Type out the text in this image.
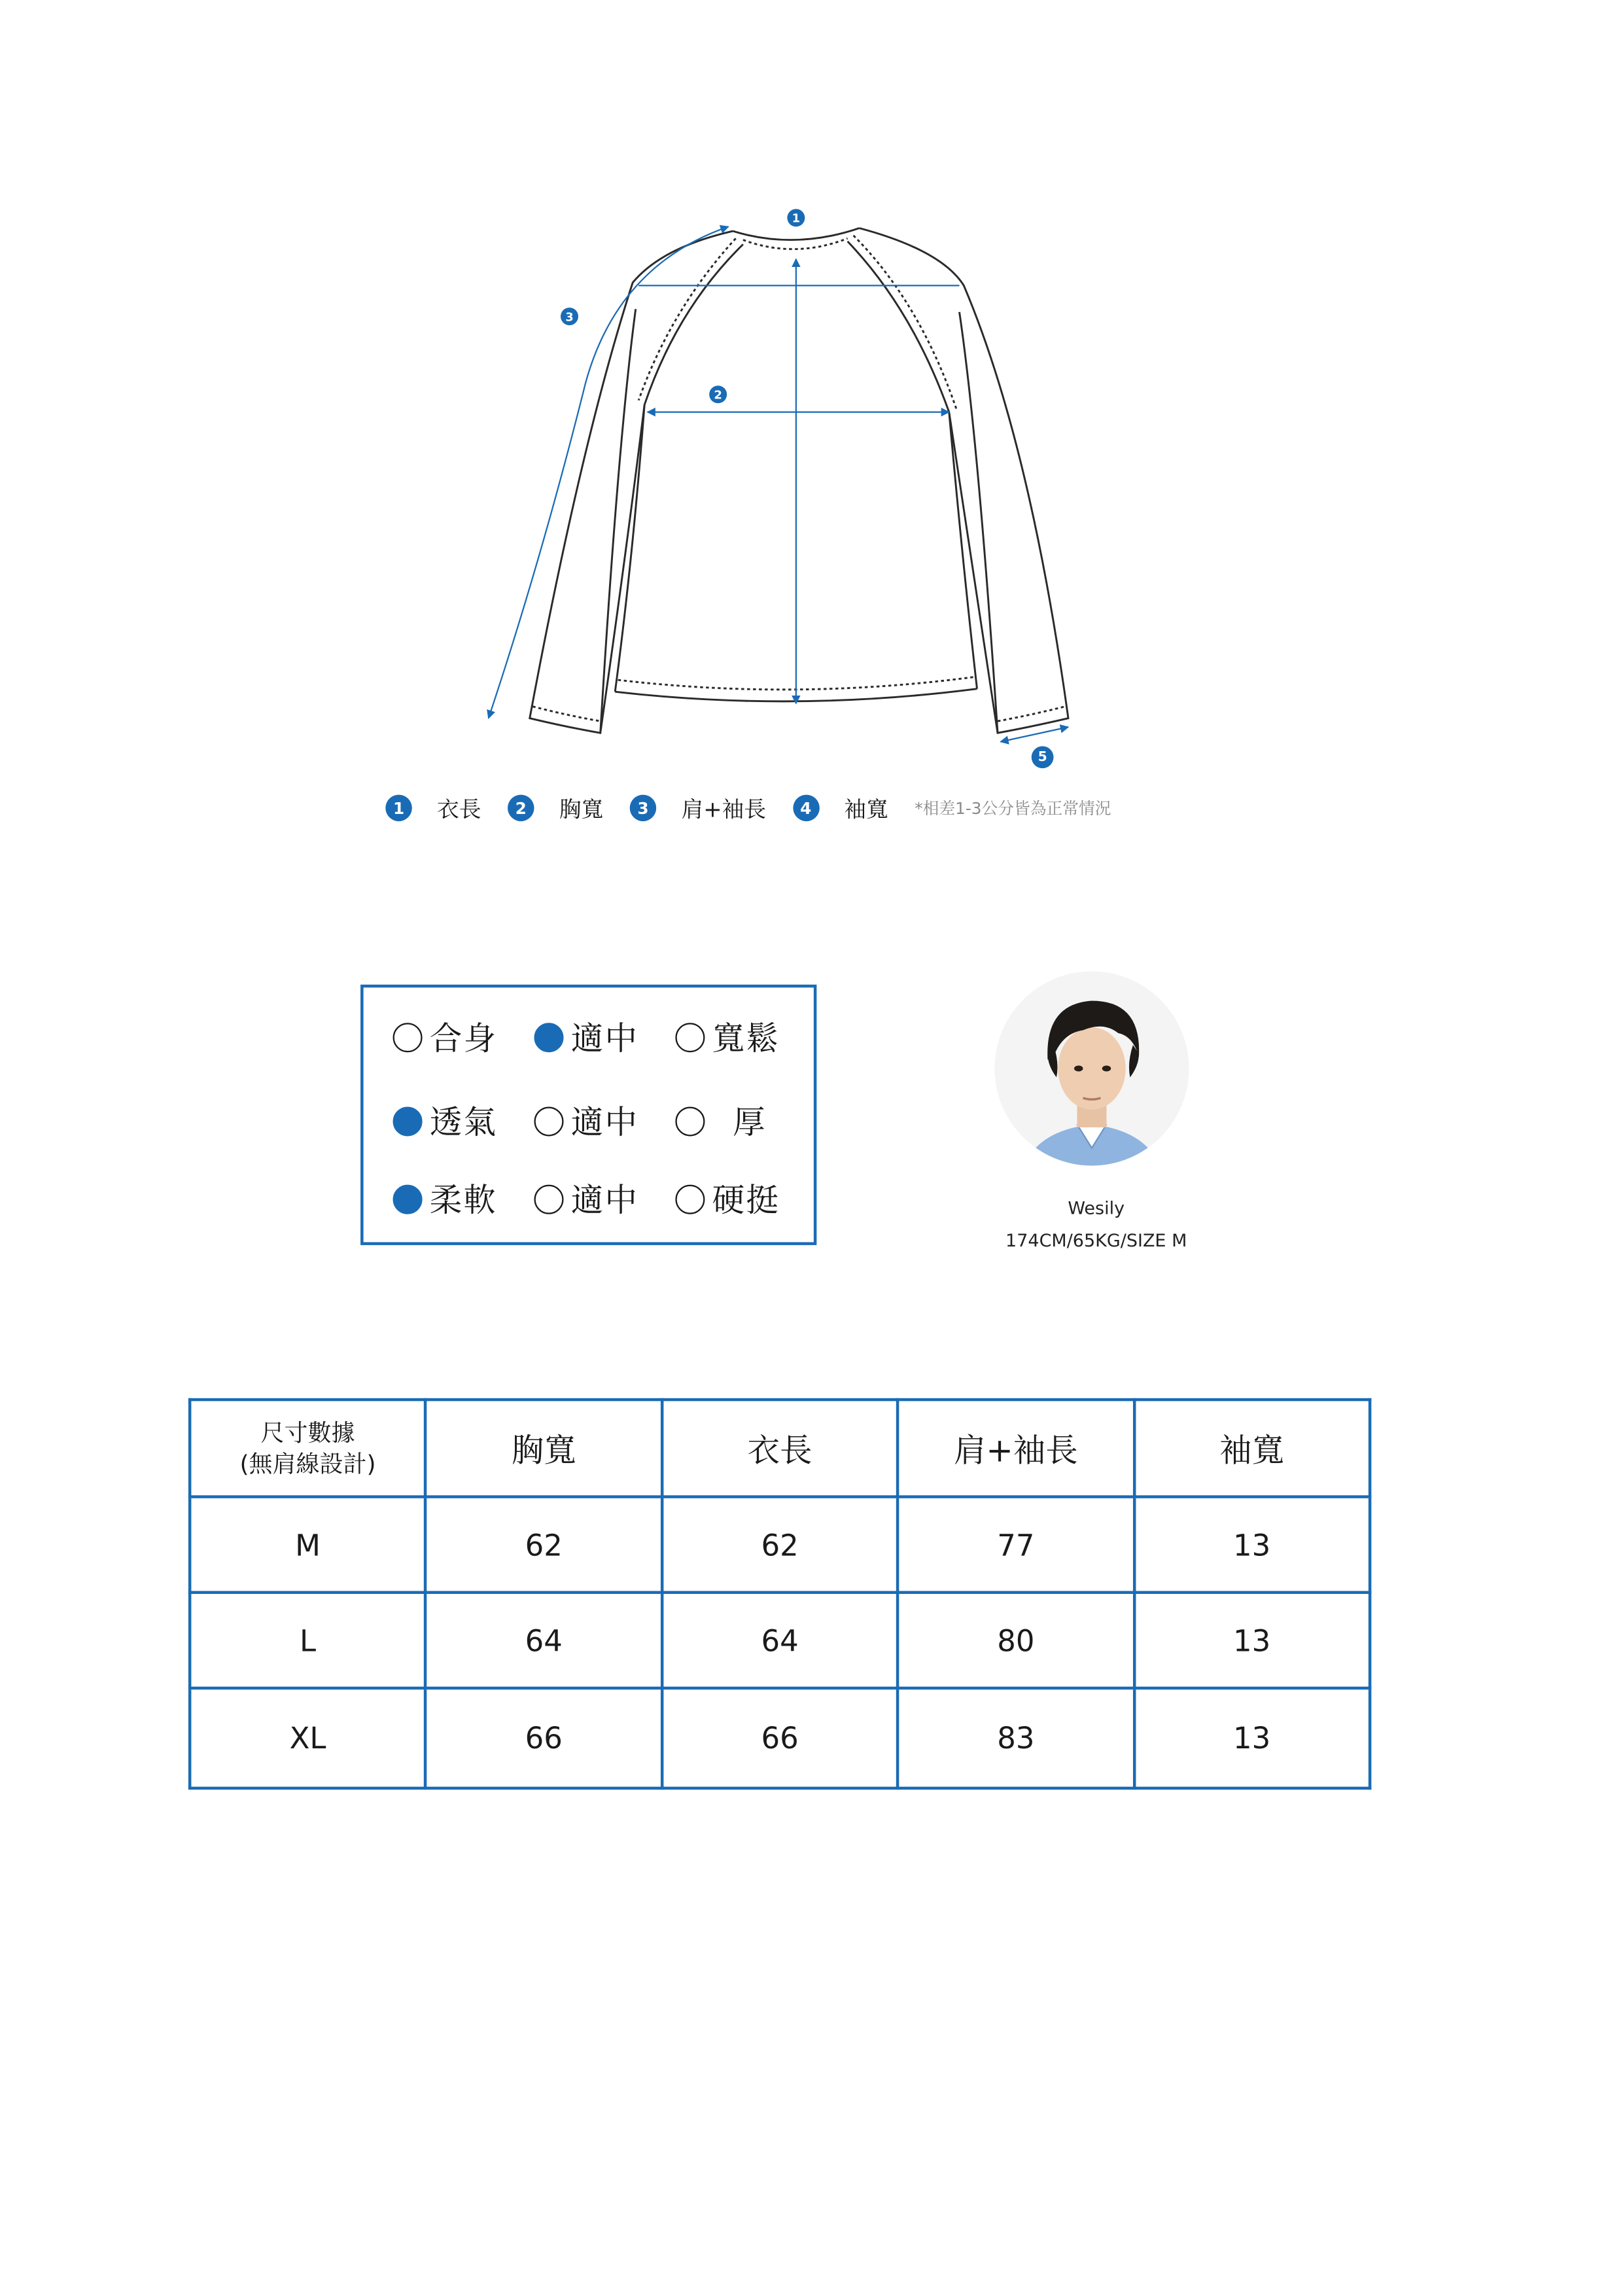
1
2
3
5
1	衣長	2	胸寬	3	肩+袖長	4	袖寬	*相差1-3公分皆為正常情況
合身	適中	寬鬆
透氣	適中	厚
柔軟	適中	硬挺	Wesily
174CM/65KG/SIZE M
尺寸數據
(無肩線設計)	胸寬	衣長	肩+袖長	袖寬
M	62	62	77	13
L	64	64	80	13
XL	66	66	83	13
